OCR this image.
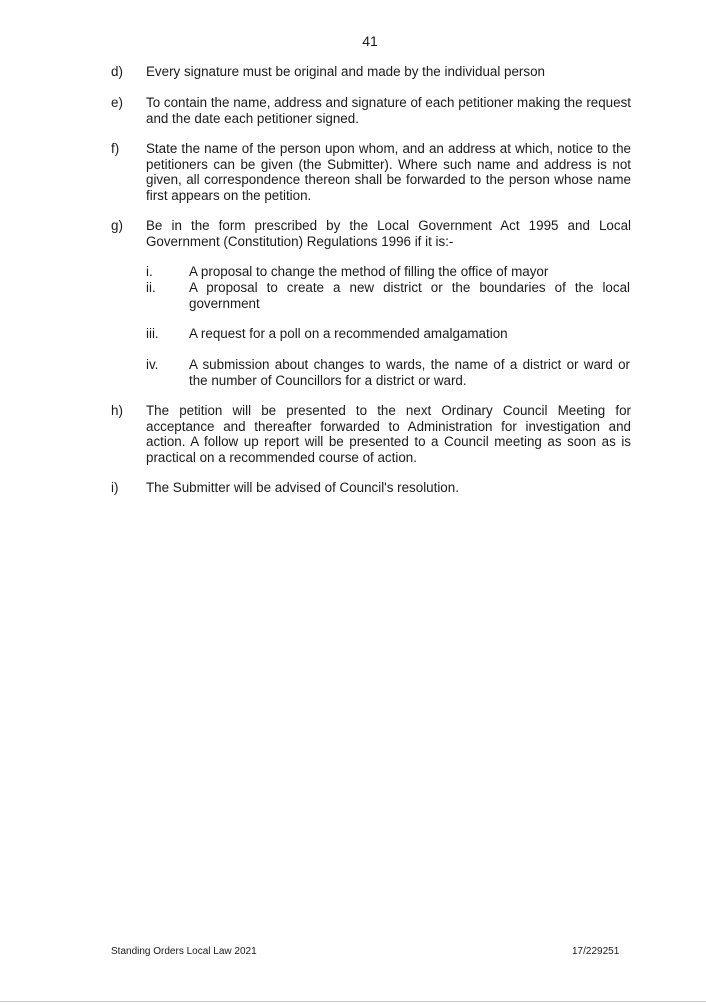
41
d) Every signature must be original and made by the individual person
e) To contain the name, address and signature of each petitioner making the request and the date each petitioner signed.
f) State the name of the person upon whom, and an address at which, notice to the petitioners can be given (the Submitter). Where such name and address is not given, all correspondence thereon shall be forwarded to the person whose name first appears on the petition.
g) Be in the form prescribed by the Local Government Act 1995 and Local Government (Constitution) Regulations 1996 if it is:-
i.	A proposal to change the method of filling the office of mayor
ii. A proposal to create a new district or the boundaries of the local government
iii. A request for a poll on a recommended amalgamation
iv. A submission about changes to wards, the name of a district or ward or the number of Councillors for a district or ward.
h) The petition will be presented to the next Ordinary Council Meeting for acceptance and thereafter forwarded to Administration for investigation and action. A follow up report will be presented to a Council meeting as soon as is practical on a recommended course of action.
i) The Submitter will be advised of Council's resolution.
Standing Orders Local Law 2021	17/229251
